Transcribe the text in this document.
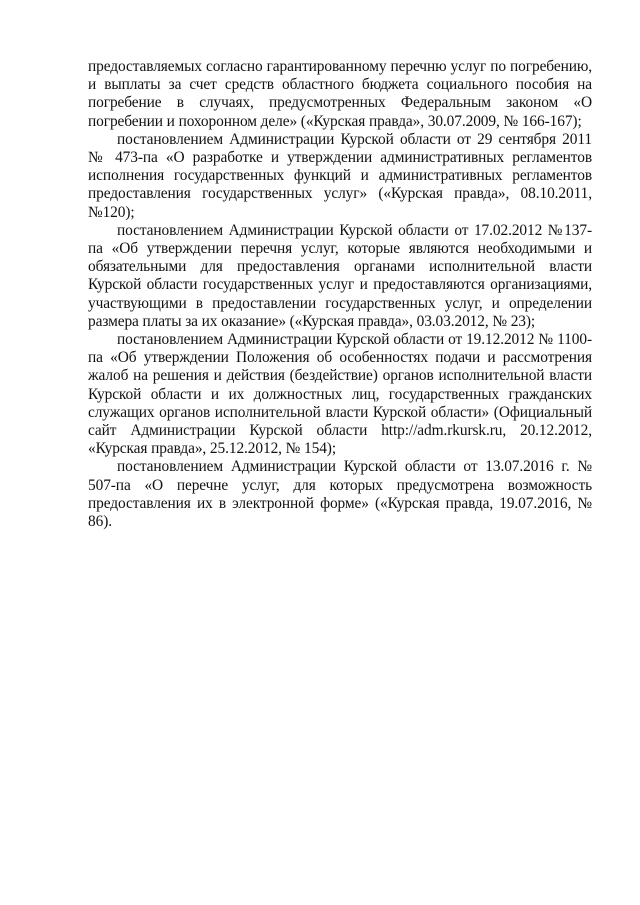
предоставляемых согласно гарантированному перечню услуг по погребению, и выплаты за счет средств областного бюджета социального пособия на погребение в случаях, предусмотренных Федеральным законом «О погребении и похоронном деле» («Курская правда», 30.07.2009, № 166-167);

постановлением Администрации Курской области от 29 сентября 2011 № 473-па «О разработке и утверждении административных регламентов исполнения государственных функций и административных регламентов предоставления государственных услуг» («Курская правда», 08.10.2011, №120);

постановлением Администрации Курской области от 17.02.2012 №137-па «Об утверждении перечня услуг, которые являются необходимыми и обязательными для предоставления органами исполнительной власти Курской области государственных услуг и предоставляются организациями, участвующими в предоставлении государственных услуг, и определении размера платы за их оказание» («Курская правда», 03.03.2012, № 23);

постановлением Администрации Курской области от 19.12.2012 № 1100-па «Об утверждении Положения об особенностях подачи и рассмотрения жалоб на решения и действия (бездействие) органов исполнительной власти Курской области и их должностных лиц, государственных гражданских служащих органов исполнительной власти Курской области» (Официальный сайт Администрации Курской области http://adm.rkursk.ru, 20.12.2012, «Курская правда», 25.12.2012, № 154);

постановлением Администрации Курской области от 13.07.2016 г. № 507-па «О перечне услуг, для которых предусмотрена возможность предоставления их в электронной форме» («Курская правда, 19.07.2016, № 86).
